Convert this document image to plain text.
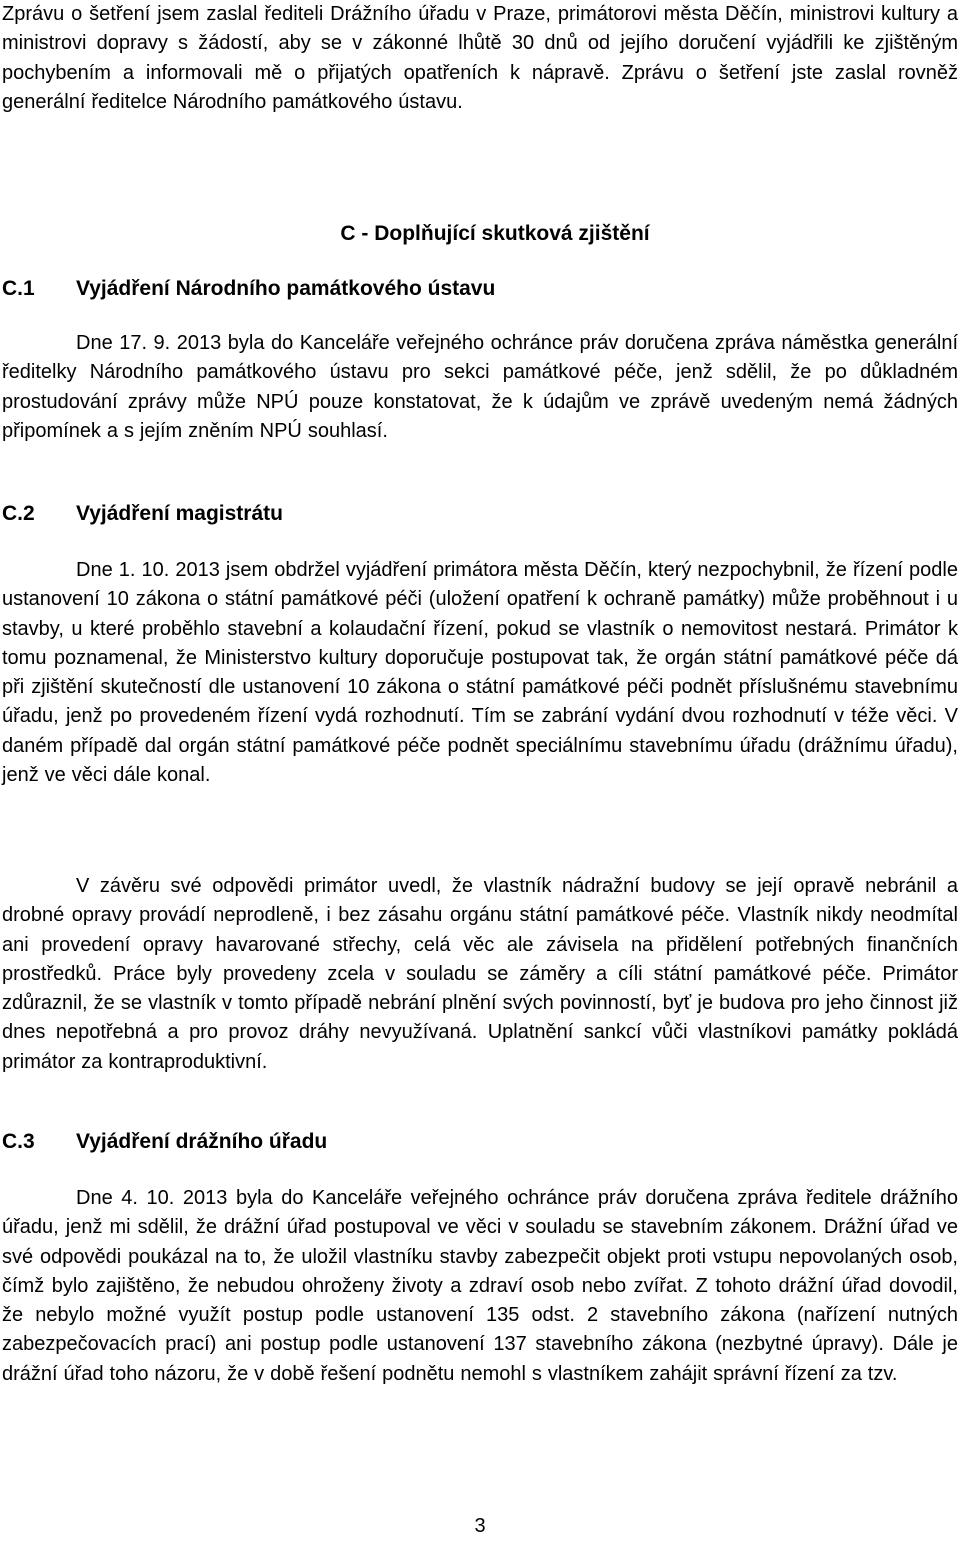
Zprávu o šetření jsem zaslal řediteli Drážního úřadu v Praze, primátorovi města Děčín, ministrovi kultury a ministrovi dopravy s žádostí, aby se v zákonné lhůtě 30 dnů od jejího doručení vyjádřili ke zjištěným pochybením a informovali mě o přijatých opatřeních k nápravě. Zprávu o šetření jste zaslal rovněž generální ředitelce Národního památkového ústavu.

C - Doplňující skutková zjištění
C.1	Vyjádření Národního památkového ústavu

Dne 17. 9. 2013 byla do Kanceláře veřejného ochránce práv doručena zpráva náměstka generální ředitelky Národního památkového ústavu pro sekci památkové péče, jenž sdělil, že po důkladném prostudování zprávy může NPÚ pouze konstatovat, že k údajům ve zprávě uvedeným nemá žádných připomínek a s jejím zněním NPÚ souhlasí.

C.2	Vyjádření magistrátu

Dne 1. 10. 2013 jsem obdržel vyjádření primátora města Děčín, který nezpochybnil, že řízení podle ustanovení 10 zákona o státní památkové péči (uložení opatření k ochraně památky) může proběhnout i u stavby, u které proběhlo stavební a kolaudační řízení, pokud se vlastník o nemovitost nestará. Primátor k tomu poznamenal, že Ministerstvo kultury doporučuje postupovat tak, že orgán státní památkové péče dá při zjištění skutečností dle ustanovení 10 zákona o státní památkové péči podnět příslušnému stavebnímu úřadu, jenž po provedeném řízení vydá rozhodnutí. Tím se zabrání vydání dvou rozhodnutí v téže věci. V daném případě dal orgán státní památkové péče podnět speciálnímu stavebnímu úřadu (drážnímu úřadu), jenž ve věci dále konal.

V závěru své odpovědi primátor uvedl, že vlastník nádražní budovy se její opravě nebránil a drobné opravy provádí neprodleně, i bez zásahu orgánu státní památkové péče. Vlastník nikdy neodmítal ani provedení opravy havarované střechy, celá věc ale závisela na přidělení potřebných finančních prostředků. Práce byly provedeny zcela v souladu se záměry a cíli státní památkové péče. Primátor zdůraznil, že se vlastník v tomto případě nebrání plnění svých povinností, byť je budova pro jeho činnost již dnes nepotřebná a pro provoz dráhy nevyužívaná. Uplatnění sankcí vůči vlastníkovi památky pokládá primátor za kontraproduktivní.

C.3	Vyjádření drážního úřadu

Dne 4. 10. 2013 byla do Kanceláře veřejného ochránce práv doručena zpráva ředitele drážního úřadu, jenž mi sdělil, že drážní úřad postupoval ve věci v souladu se stavebním zákonem. Drážní úřad ve své odpovědi poukázal na to, že uložil vlastníku stavby zabezpečit objekt proti vstupu nepovolaných osob, čímž bylo zajištěno, že nebudou ohroženy životy a zdraví osob nebo zvířat. Z tohoto drážní úřad dovodil, že nebylo možné využít postup podle ustanovení 135 odst. 2 stavebního zákona (nařízení nutných zabezpečovacích prací) ani postup podle ustanovení 137 stavebního zákona (nezbytné úpravy). Dále je drážní úřad toho názoru, že v době řešení podnětu nemohl s vlastníkem zahájit správní řízení za tzv.

3
